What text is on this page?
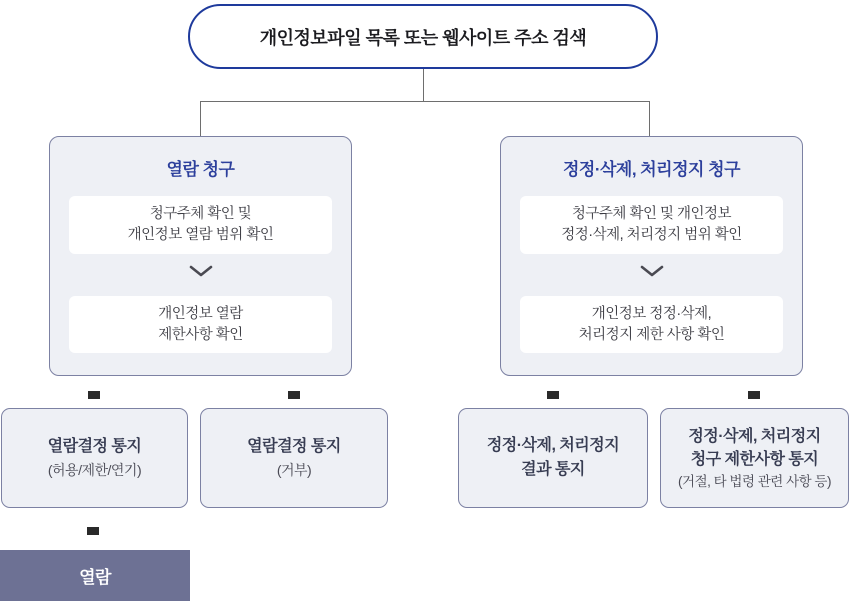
개인정보파일 목록 또는 웹사이트 주소 검색
열람 청구
청구주체 확인 및
개인정보 열람 범위 확인
개인정보 열람
제한사항 확인
정정·삭제, 처리정지 청구
청구주체 확인 및 개인정보
정정·삭제, 처리정지 범위 확인
개인정보 정정·삭제,
처리정지 제한 사항 확인
열람결정 통지
(허용/제한/연기)
열람결정 통지
(거부)
정정·삭제, 처리정지
결과 통지
정정·삭제, 처리정지
청구 제한사항 통지
(거절, 타 법령 관련 사항 등)
열람
